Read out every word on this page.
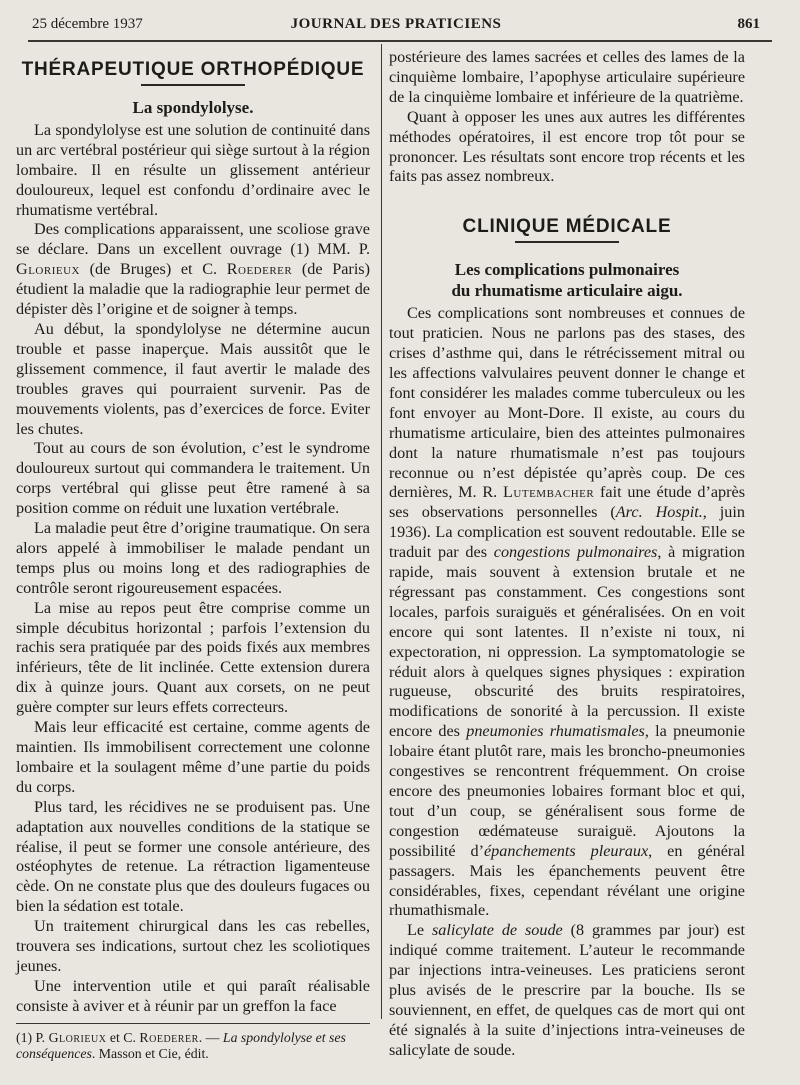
25 décembre 1937	JOURNAL DES PRATICIENS	861
THÉRAPEUTIQUE ORTHOPÉDIQUE
La spondylolyse.

La spondylolyse est une solution de continuité dans un arc vertébral postérieur qui siège surtout à la région lombaire. Il en résulte un glissement antérieur douloureux, lequel est confondu d’ordinaire avec le rhumatisme vertébral.

Des complications apparaissent, une scoliose grave se déclare. Dans un excellent ouvrage (1) MM. P. Glorieux (de Bruges) et C. Roederer (de Paris) étudient la maladie que la radiographie leur permet de dépister dès l’origine et de soigner à temps.

Au début, la spondylolyse ne détermine aucun trouble et passe inaperçue. Mais aussitôt que le glissement commence, il faut avertir le malade des troubles graves qui pourraient survenir. Pas de mouvements violents, pas d’exercices de force. Eviter les chutes.

Tout au cours de son évolution, c’est le syndrome douloureux surtout qui commandera le traitement. Un corps vertébral qui glisse peut être ramené à sa position comme on réduit une luxation vertébrale.

La maladie peut être d’origine traumatique. On sera alors appelé à immobiliser le malade pendant un temps plus ou moins long et des radiographies de contrôle seront rigoureusement espacées.

La mise au repos peut être comprise comme un simple décubitus horizontal ; parfois l’extension du rachis sera pratiquée par des poids fixés aux membres inférieurs, tête de lit inclinée. Cette extension durera dix à quinze jours. Quant aux corsets, on ne peut guère compter sur leurs effets correcteurs.

Mais leur efficacité est certaine, comme agents de maintien. Ils immobilisent correctement une colonne lombaire et la soulagent même d’une partie du poids du corps.

Plus tard, les récidives ne se produisent pas. Une adaptation aux nouvelles conditions de la statique se réalise, il peut se former une console antérieure, des ostéophytes de retenue. La rétraction ligamenteuse cède. On ne constate plus que des douleurs fugaces ou bien la sédation est totale.

Un traitement chirurgical dans les cas rebelles, trouvera ses indications, surtout chez les scoliotiques jeunes.

Une intervention utile et qui paraît réalisable consiste à aviver et à réunir par un greffon la face

(1) P. Glorieux et C. Roederer. — La spondylolyse et ses conséquences. Masson et Cie, édit.

postérieure des lames sacrées et celles des lames de la cinquième lombaire, l’apophyse articulaire supérieure de la cinquième lombaire et inférieure de la quatrième.

Quant à opposer les unes aux autres les différentes méthodes opératoires, il est encore trop tôt pour se prononcer. Les résultats sont encore trop récents et les faits pas assez nombreux.

CLINIQUE MÉDICALE
Les complications pulmonaires
du rhumatisme articulaire aigu.

Ces complications sont nombreuses et connues de tout praticien. Nous ne parlons pas des stases, des crises d’asthme qui, dans le rétrécissement mitral ou les affections valvulaires peuvent donner le change et font considérer les malades comme tuberculeux ou les font envoyer au Mont-Dore. Il existe, au cours du rhumatisme articulaire, bien des atteintes pulmonaires dont la nature rhumatismale n’est pas toujours reconnue ou n’est dépistée qu’après coup. De ces dernières, M. R. Lutembacher fait une étude d’après ses observations personnelles (Arc. Hospit., juin 1936). La complication est souvent redoutable. Elle se traduit par des congestions pulmonaires, à migration rapide, mais souvent à extension brutale et ne régressant pas constamment. Ces congestions sont locales, parfois suraiguës et généralisées. On en voit encore qui sont latentes. Il n’existe ni toux, ni expectoration, ni oppression. La symptomatologie se réduit alors à quelques signes physiques : expiration rugueuse, obscurité des bruits respiratoires, modifications de sonorité à la percussion. Il existe encore des pneumonies rhumatismales, la pneumonie lobaire étant plutôt rare, mais les broncho-pneumonies congestives se rencontrent fréquemment. On croise encore des pneumonies lobaires formant bloc et qui, tout d’un coup, se généralisent sous forme de congestion œdémateuse suraiguë. Ajoutons la possibilité d’épanchements pleuraux, en général passagers. Mais les épanchements peuvent être considérables, fixes, cependant révélant une origine rhumathismale.

Le salicylate de soude (8 grammes par jour) est indiqué comme traitement. L’auteur le recommande par injections intra-veineuses. Les praticiens seront plus avisés de le prescrire par la bouche. Ils se souviennent, en effet, de quelques cas de mort qui ont été signalés à la suite d’injections intra-veineuses de salicylate de soude.
